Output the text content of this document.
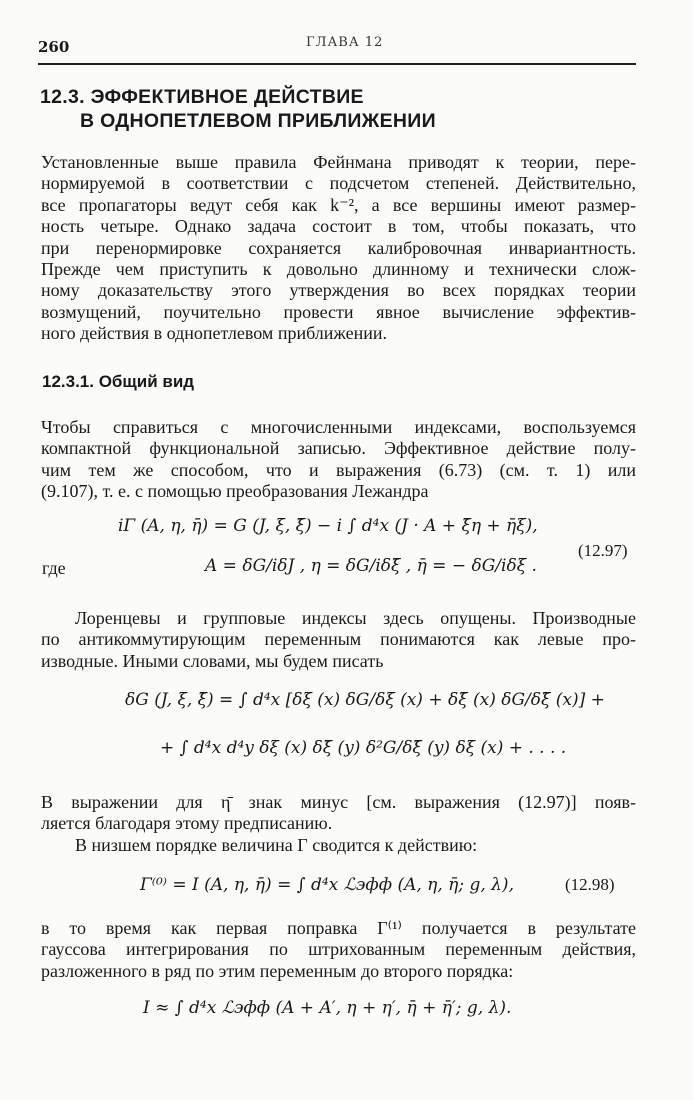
260	ГЛАВА 12
12.3. ЭФФЕКТИВНОЕ ДЕЙСТВИЕ
В ОДНОПЕТЛЕВОМ ПРИБЛИЖЕНИИ
Установленные выше правила Фейнмана приводят к теории, пере-
нормируемой в соответствии с подсчетом степеней. Действительно,
все пропагаторы ведут себя как k⁻², а все вершины имеют размер-
ность четыре. Однако задача состоит в том, чтобы показать, что
при перенормировке сохраняется калибровочная инвариантность.
Прежде чем приступить к довольно длинному и технически слож-
ному доказательству этого утверждения во всех порядках теории
возмущений, поучительно провести явное вычисление эффектив-
ного действия в однопетлевом приближении.
12.3.1. Общий вид
Чтобы справиться с многочисленными индексами, воспользуемся
компактной функциональной записью. Эффективное действие полу-
чим тем же способом, что и выражения (6.73) (см. т. 1) или
(9.107), т. е. с помощью преобразования Лежандра
iΓ (A, η, η̄) = G (J, ξ, ξ̄) − i ∫ d⁴x (J · A + ξ̄η + η̄ξ),
где	A = δG/iδJ , η = δG/iδξ̄ , η̄ = − δG/iδξ .
(12.97)
Лоренцевы и групповые индексы здесь опущены. Производные
по антикоммутирующим переменным понимаются как левые про-
изводные. Иными словами, мы будем писать
δG (J, ξ, ξ̄) = ∫ d⁴x [δξ (x) δG/δξ (x) + δξ̄ (x) δG/δξ̄ (x)] +
+ ∫ d⁴x d⁴y δξ (x) δξ̄ (y) δ²G/δξ̄ (y) δξ (x) + . . . .
В выражении для η̄ знак минус [см. выражения (12.97)] появ-
ляется благодаря этому предписанию.
В низшем порядке величина Γ сводится к действию:
Γ⁽⁰⁾ = I (A, η, η̄) = ∫ d⁴x ℒэфф (A, η, η̄; g, λ),	(12.98)
в то время как первая поправка Γ⁽¹⁾ получается в результате
гауссова интегрирования по штрихованным переменным действия,
разложенного в ряд по этим переменным до второго порядка:
I ≈ ∫ d⁴x ℒэфф (A + A′, η + η′, η̄ + η̄′; g, λ).
